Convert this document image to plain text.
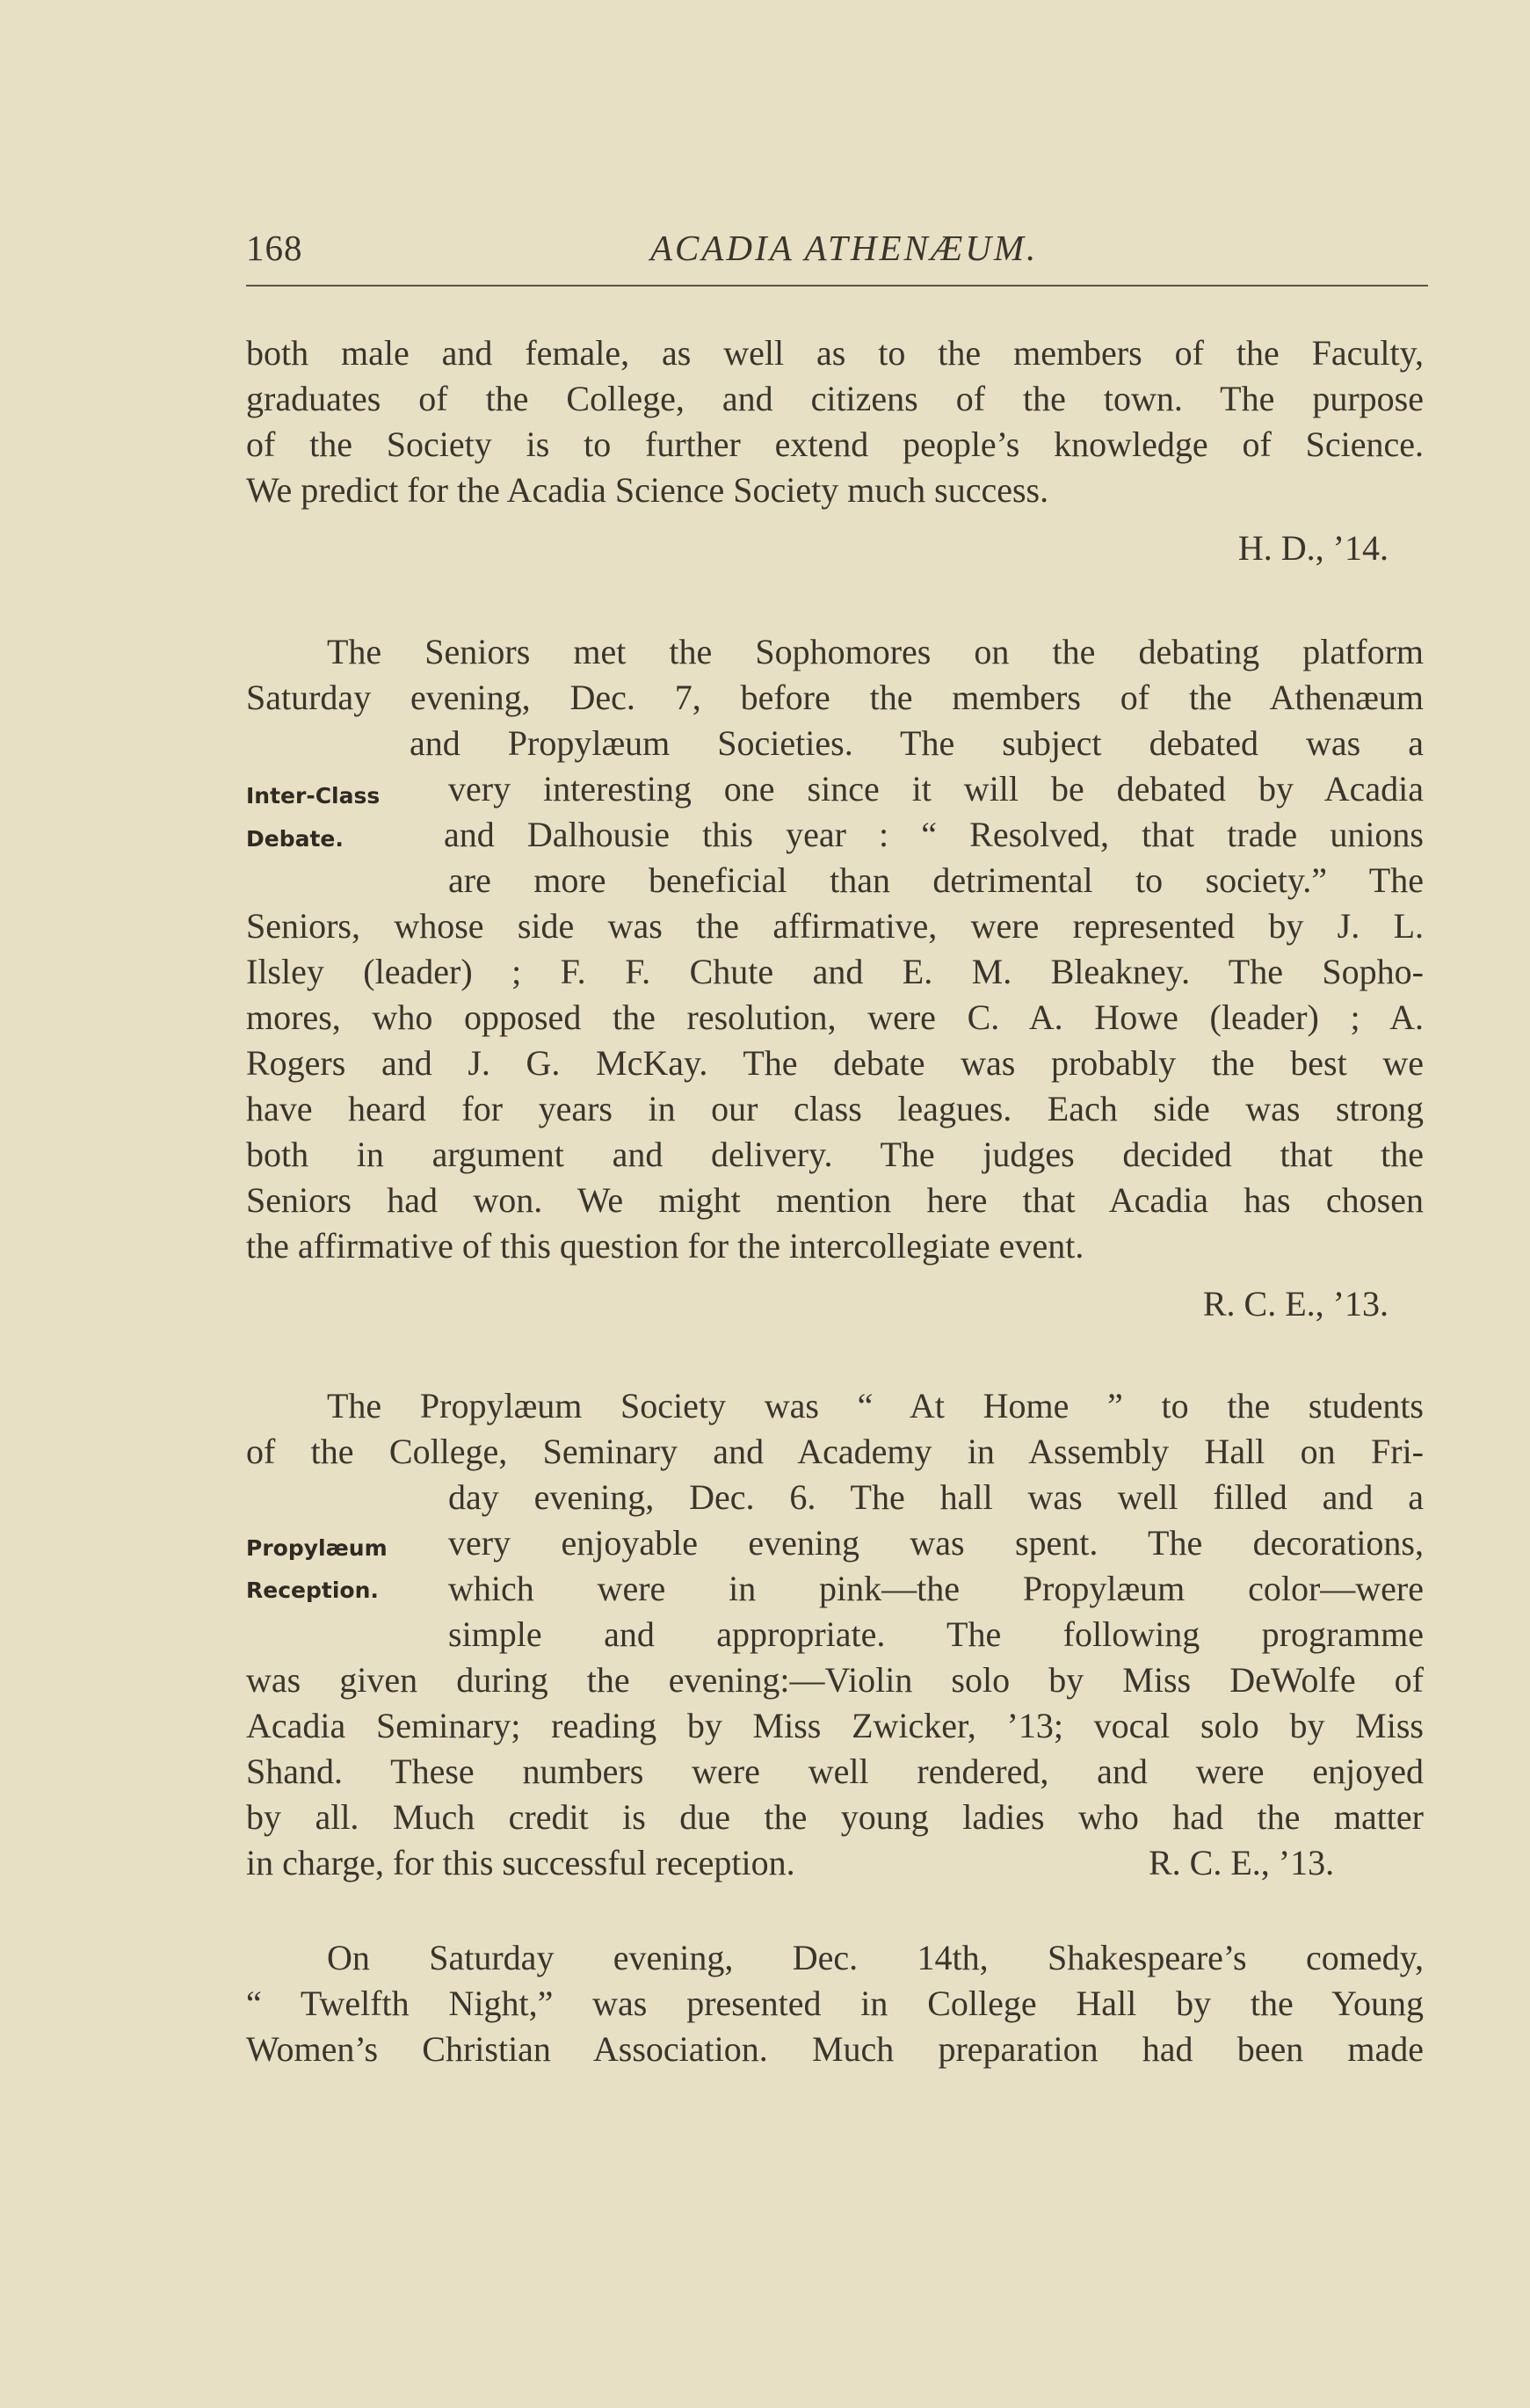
168	ACADIA ATHENÆUM.
both male and female, as well as to the members of the Faculty,
graduates of the College, and citizens of the town. The purpose
of the Society is to further extend people’s knowledge of Science.
We predict for the Acadia Science Society much success.
H. D., ’14.
The Seniors met the Sophomores on the debating platform
Saturday evening, Dec. 7, before the members of the Athenæum
and Propylæum Societies. The subject debated was a
Inter-Class very interesting one since it will be debated by Acadia
Debate.	and Dalhousie this year : “ Resolved, that trade unions
are more beneficial than detrimental to society.” The
Seniors, whose side was the affirmative, were represented by J. L.
Ilsley (leader) ; F. F. Chute and E. M. Bleakney. The Sopho-
mores, who opposed the resolution, were C. A. Howe (leader) ; A.
Rogers and J. G. McKay. The debate was probably the best we
have heard for years in our class leagues. Each side was strong
both in argument and delivery. The judges decided that the
Seniors had won. We might mention here that Acadia has chosen
the affirmative of this question for the intercollegiate event.
R. C. E., ’13.
The Propylæum Society was “ At Home ” to the students
of the College, Seminary and Academy in Assembly Hall on Fri-
day evening, Dec. 6. The hall was well filled and a
Propylæum very enjoyable evening was spent. The decorations,
Reception. which were in pink—the Propylæum color—were
simple and appropriate. The following programme
was given during the evening:—Violin solo by Miss DeWolfe of
Acadia Seminary; reading by Miss Zwicker, ’13; vocal solo by Miss
Shand. These numbers were well rendered, and were enjoyed
by all. Much credit is due the young ladies who had the matter
in charge, for this successful reception.	R. C. E., ’13.
On Saturday evening, Dec. 14th, Shakespeare’s comedy,
“ Twelfth Night,” was presented in College Hall by the Young
Women’s Christian Association. Much preparation had been made
